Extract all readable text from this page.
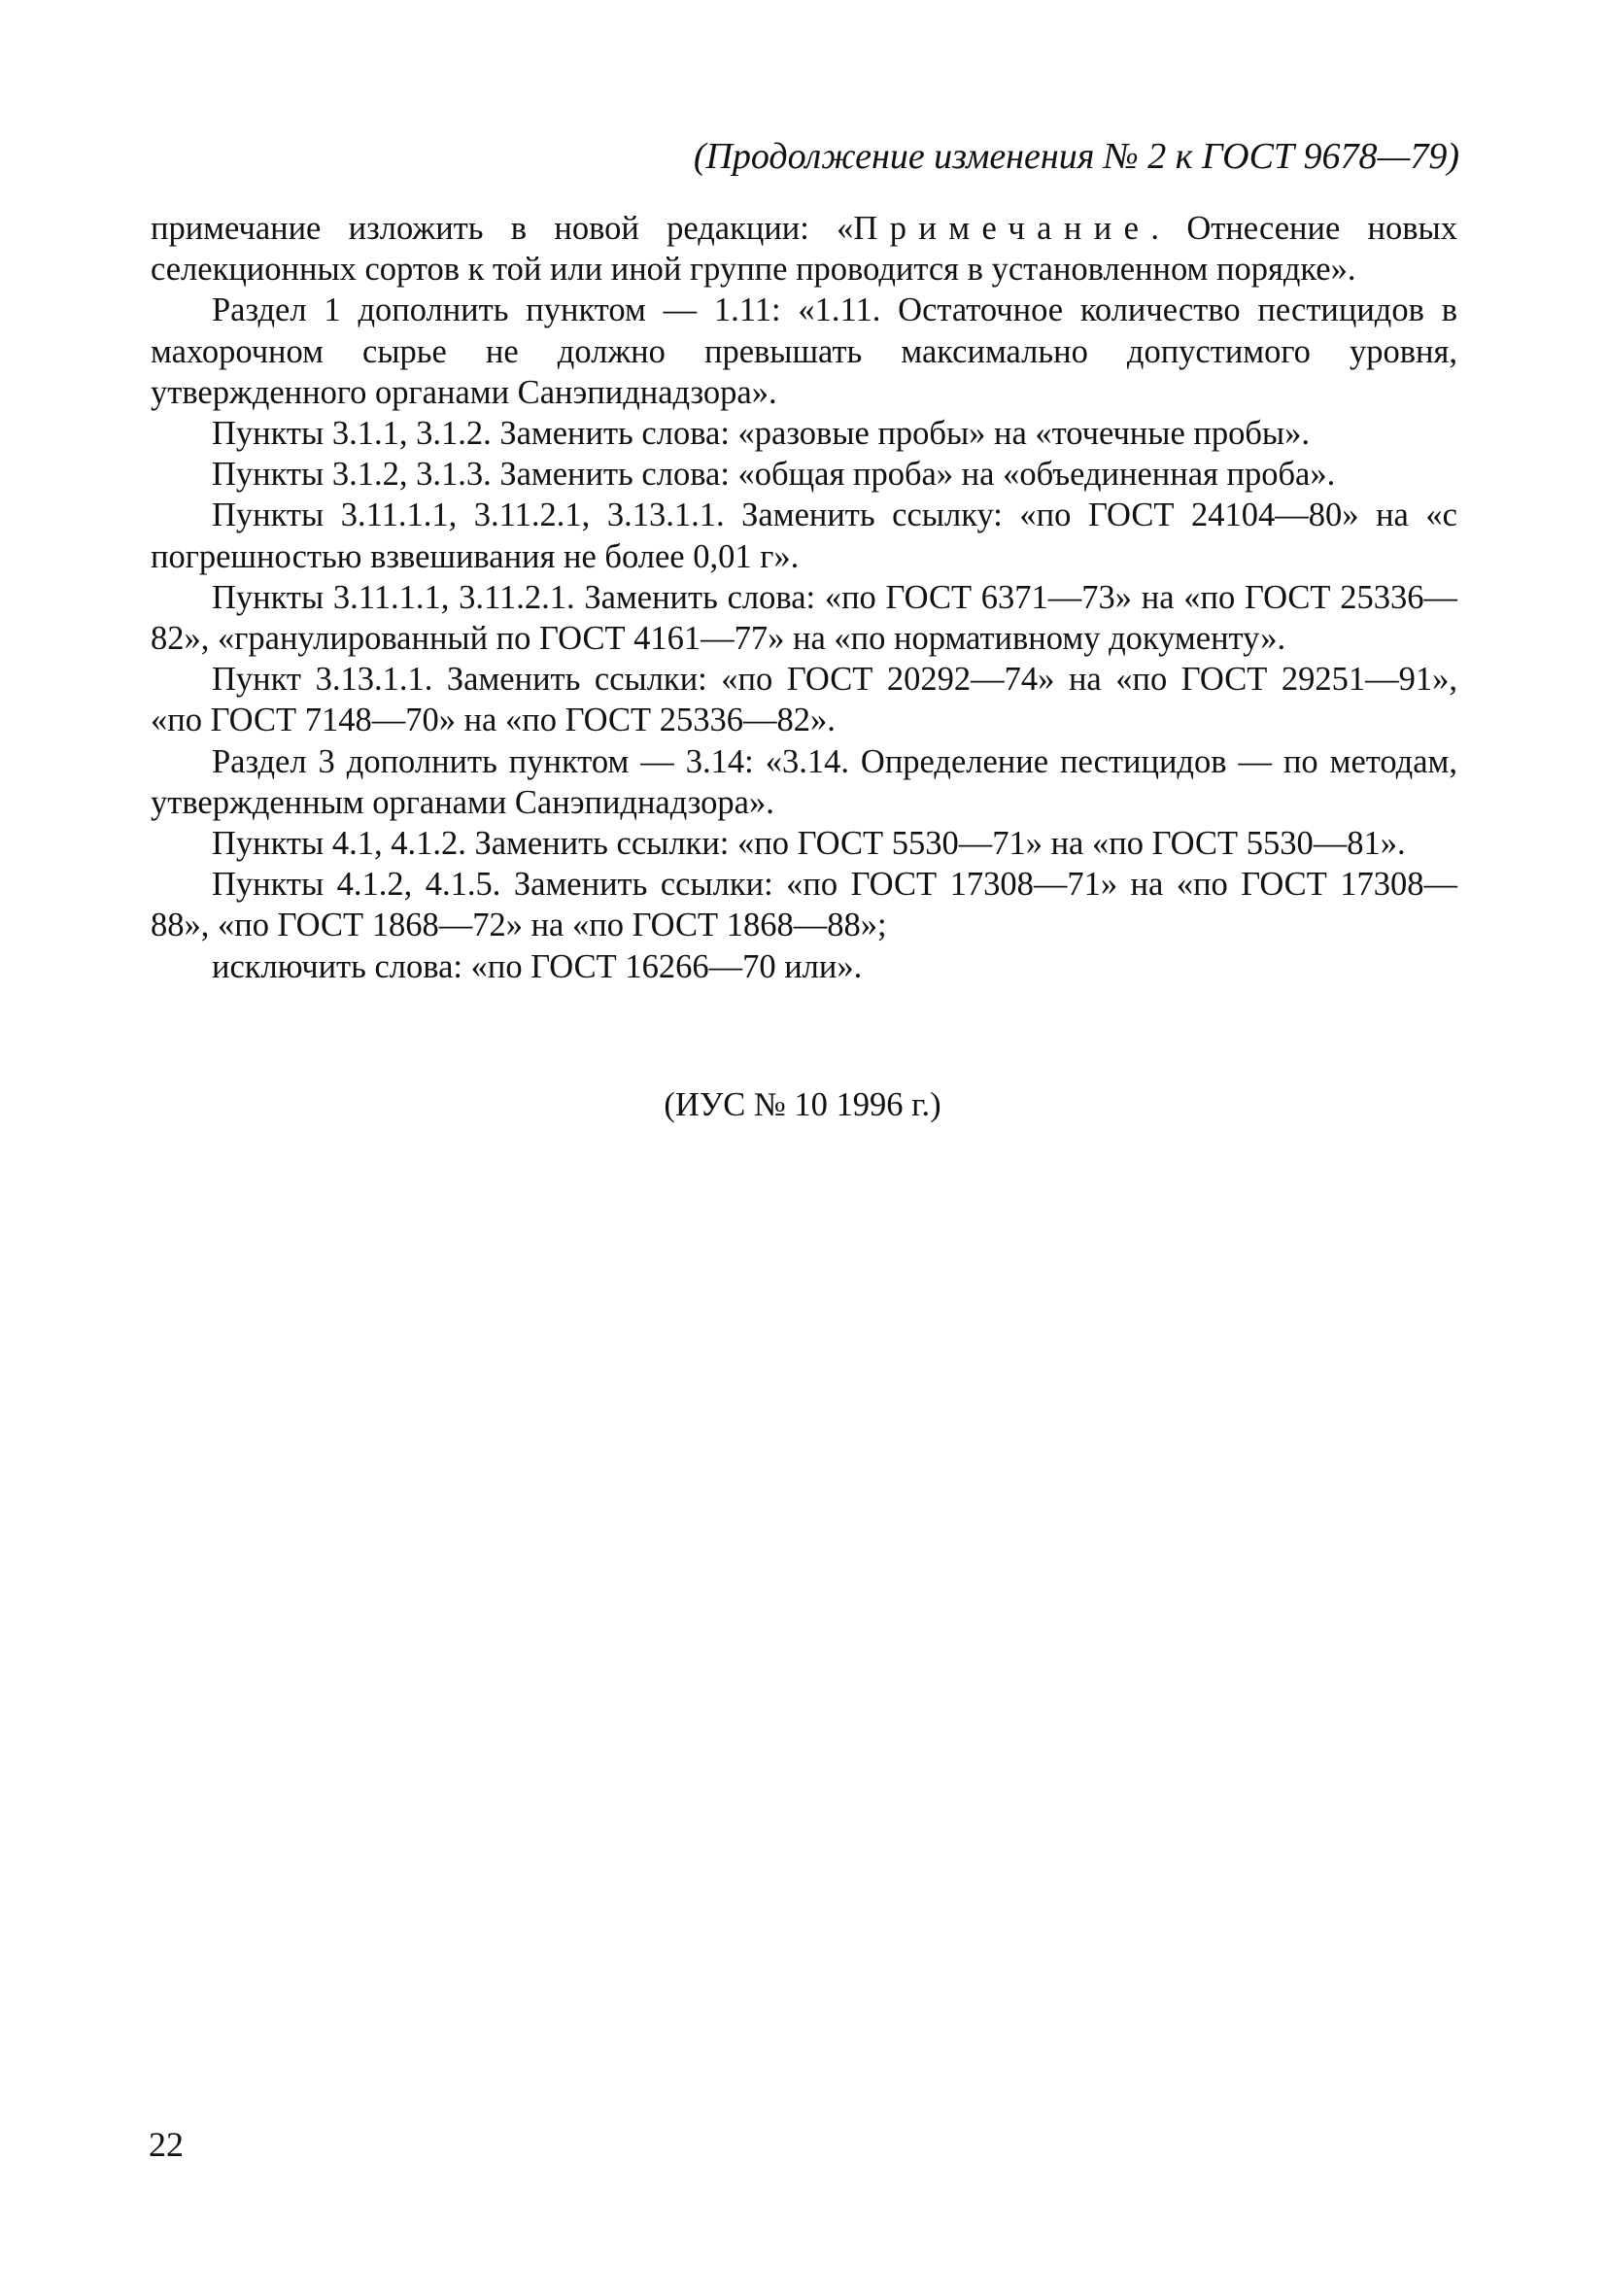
(Продолжение изменения № 2 к ГОСТ 9678—79)

примечание изложить в новой редакции: «Примечание. Отнесение новых селекционных сортов к той или иной группе проводится в установленном порядке».

Раздел 1 дополнить пунктом — 1.11: «1.11. Остаточное количество пестицидов в махорочном сырье не должно превышать максимально допустимого уровня, утвержденного органами Санэпиднадзора».

Пункты 3.1.1, 3.1.2. Заменить слова: «разовые пробы» на «точечные пробы».

Пункты 3.1.2, 3.1.3. Заменить слова: «общая проба» на «объединенная проба».

Пункты 3.11.1.1, 3.11.2.1, 3.13.1.1. Заменить ссылку: «по ГОСТ 24104—80» на «с погрешностью взвешивания не более 0,01 г».

Пункты 3.11.1.1, 3.11.2.1. Заменить слова: «по ГОСТ 6371—73» на «по ГОСТ 25336—82», «гранулированный по ГОСТ 4161—77» на «по нормативному документу».

Пункт 3.13.1.1. Заменить ссылки: «по ГОСТ 20292—74» на «по ГОСТ 29251—91», «по ГОСТ 7148—70» на «по ГОСТ 25336—82».

Раздел 3 дополнить пунктом — 3.14: «3.14. Определение пестицидов — по методам, утвержденным органами Санэпиднадзора».

Пункты 4.1, 4.1.2. Заменить ссылки: «по ГОСТ 5530—71» на «по ГОСТ 5530—81».

Пункты 4.1.2, 4.1.5. Заменить ссылки: «по ГОСТ 17308—71» на «по ГОСТ 17308—88», «по ГОСТ 1868—72» на «по ГОСТ 1868—88»;

исключить слова: «по ГОСТ 16266—70 или».

(ИУС № 10 1996 г.)
22
